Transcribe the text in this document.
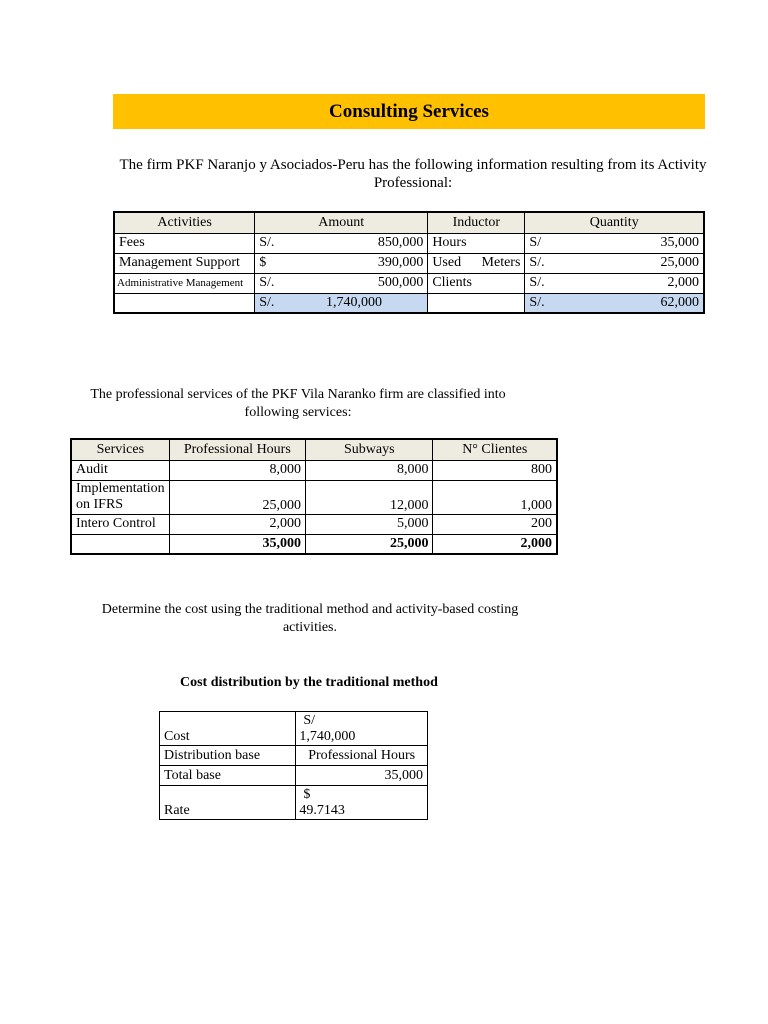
Consulting Services
The firm PKF Naranjo y Asociados-Peru has the following information resulting from its Activity
Professional:
Activities	Amount		Inductor		Quantity	
Fees	S/.	850,000	Hours		S/	35,000
Management Support	$	390,000	Used	Meters	S/.	25,000
Administrative Management	S/.	500,000	Clients		S/.	2,000
	S/.	1,740,000			S/.	62,000
The professional services of the PKF Vila Naranko firm are classified into
following services:
Services	Professional Hours	Subways	N° Clientes
Audit	8,000	8,000	800

Implementation
on IFRS	25,000	12,000	1,000
Intero Control	2,000	5,000	200
	35,000	25,000	2,000
Determine the cost using the traditional method and activity-based costing
activities.
Cost distribution by the traditional method
Cost	S/
1,740,000

Distribution base	Professional Hours
Total base	35,000
Rate	$
49.7143
